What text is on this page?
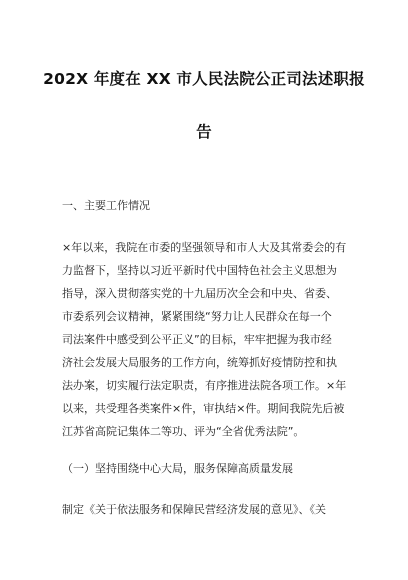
202X 年度在 XX 市人民法院公正司法述职报
告
一、主要工作情况
×年以来，我院在市委的坚强领导和市人大及其常委会的有
力监督下，坚持以习近平新时代中国特色社会主义思想为
指导，深入贯彻落实党的十九届历次全会和中央、省委、
市委系列会议精神，紧紧围绕“努力让人民群众在每一个
司法案件中感受到公平正义”的目标，牢牢把握为我市经
济社会发展大局服务的工作方向，统筹抓好疫情防控和执
法办案，切实履行法定职责，有序推进法院各项工作。×年
以来，共受理各类案件×件，审执结×件。期间我院先后被
江苏省高院记集体二等功、评为“全省优秀法院”。
（一）坚持围绕中心大局，服务保障高质量发展
制定《关于依法服务和保障民营经济发展的意见》、《关
